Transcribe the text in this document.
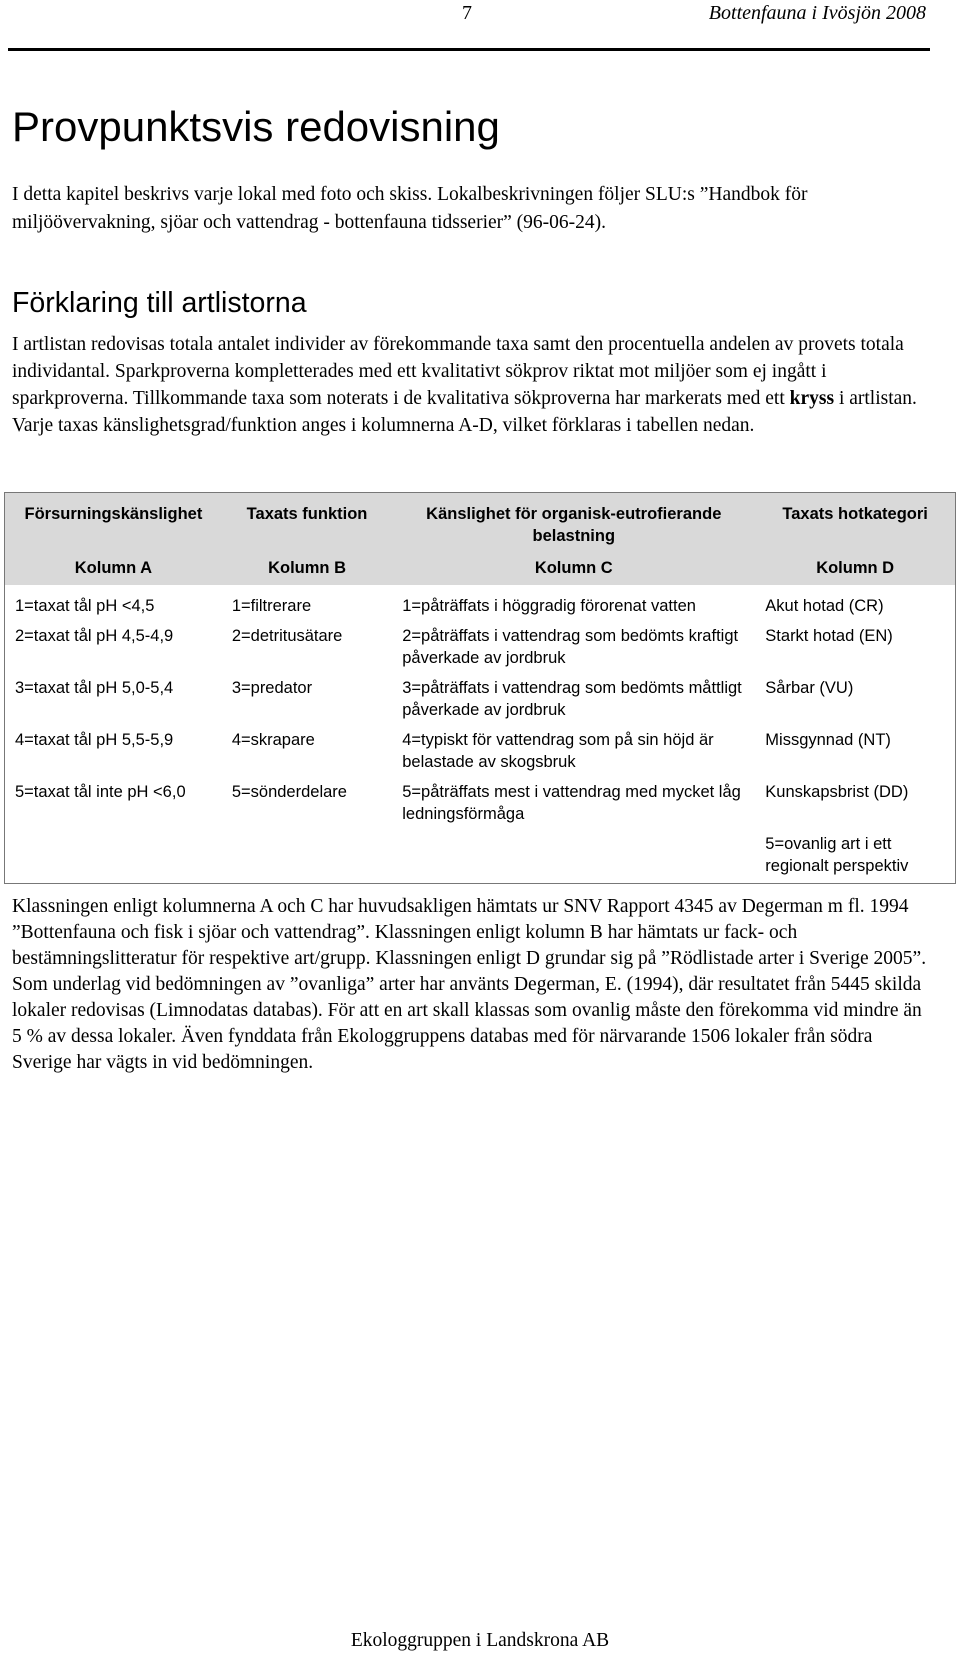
7	Bottenfauna i Ivösjön 2008
Provpunktsvis redovisning

I detta kapitel beskrivs varje lokal med foto och skiss. Lokalbeskrivningen följer SLU:s ”Handbok för miljöövervakning, sjöar och vattendrag - bottenfauna tidsserier” (96-06-24).

Förklaring till artlistorna

I artlistan redovisas totala antalet individer av förekommande taxa samt den procentuella andelen av provets totala individantal. Sparkproverna kompletterades med ett kvalitativt sökprov riktat mot miljöer som ej ingått i sparkproverna. Tillkommande taxa som noterats i de kvalitativa sökproverna har markerats med ett kryss i artlistan. Varje taxas känslighetsgrad/funktion anges i kolumnerna A-D, vilket förklaras i tabellen nedan.

Försurningskänslighet	Taxats funktion	Känslighet för organisk-eutrofierande belastning	Taxats hotkategori
Kolumn A	Kolumn B	Kolumn C	Kolumn D
1=taxat tål pH <4,5	1=filtrerare	1=påträffats i höggradig förorenat vatten	Akut hotad (CR)
2=taxat tål pH 4,5-4,9	2=detritusätare	2=påträffats i vattendrag som bedömts kraftigt påverkade av jordbruk	Starkt hotad (EN)
3=taxat tål pH 5,0-5,4	3=predator	3=påträffats i vattendrag som bedömts måttligt påverkade av jordbruk	Sårbar (VU)
4=taxat tål pH 5,5-5,9	4=skrapare	4=typiskt för vattendrag som på sin höjd är belastade av skogsbruk	Missgynnad (NT)
5=taxat tål inte pH <6,0	5=sönderdelare	5=påträffats mest i vattendrag med mycket låg ledningsförmåga	Kunskapsbrist (DD)
			5=ovanlig art i ett regionalt perspektiv

Klassningen enligt kolumnerna A och C har huvudsakligen hämtats ur SNV Rapport 4345 av Degerman m fl. 1994 ”Bottenfauna och fisk i sjöar och vattendrag”. Klassningen enligt kolumn B har hämtats ur fack- och bestämningslitteratur för respektive art/grupp. Klassningen enligt D grundar sig på ”Rödlistade arter i Sverige 2005”. Som underlag vid bedömningen av ”ovanliga” arter har använts Degerman, E. (1994), där resultatet från 5445 skilda lokaler redovisas (Limnodatas databas). För att en art skall klassas som ovanlig måste den förekomma vid mindre än 5 % av dessa lokaler. Även fynddata från Ekologgruppens databas med för närvarande 1506 lokaler från södra Sverige har vägts in vid bedömningen.

Ekologgruppen i Landskrona AB
